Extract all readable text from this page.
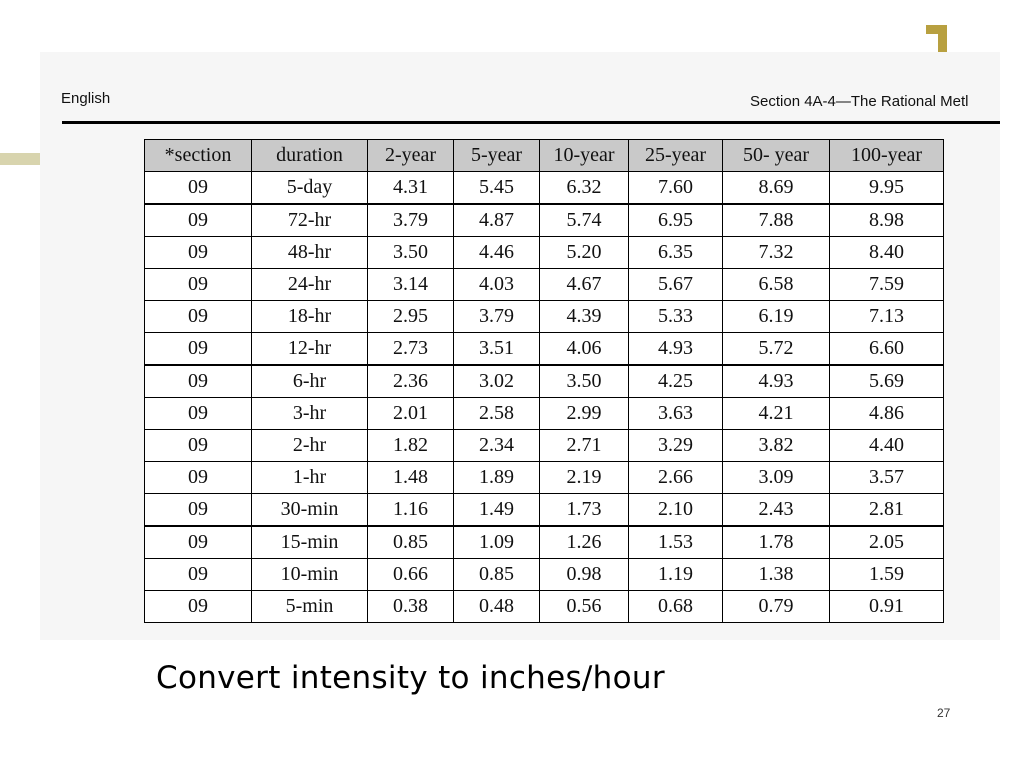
English	Section 4A-4—The Rational Metl
*section	duration	2-year	5-year	10-year	25-year	50- year	100-year
09	5-day	4.31	5.45	6.32	7.60	8.69	9.95
09	72-hr	3.79	4.87	5.74	6.95	7.88	8.98
09	48-hr	3.50	4.46	5.20	6.35	7.32	8.40
09	24-hr	3.14	4.03	4.67	5.67	6.58	7.59
09	18-hr	2.95	3.79	4.39	5.33	6.19	7.13
09	12-hr	2.73	3.51	4.06	4.93	5.72	6.60
09	6-hr	2.36	3.02	3.50	4.25	4.93	5.69
09	3-hr	2.01	2.58	2.99	3.63	4.21	4.86
09	2-hr	1.82	2.34	2.71	3.29	3.82	4.40
09	1-hr	1.48	1.89	2.19	2.66	3.09	3.57
09	30-min	1.16	1.49	1.73	2.10	2.43	2.81
09	15-min	0.85	1.09	1.26	1.53	1.78	2.05
09	10-min	0.66	0.85	0.98	1.19	1.38	1.59
09	5-min	0.38	0.48	0.56	0.68	0.79	0.91
Convert intensity to inches/hour
27
